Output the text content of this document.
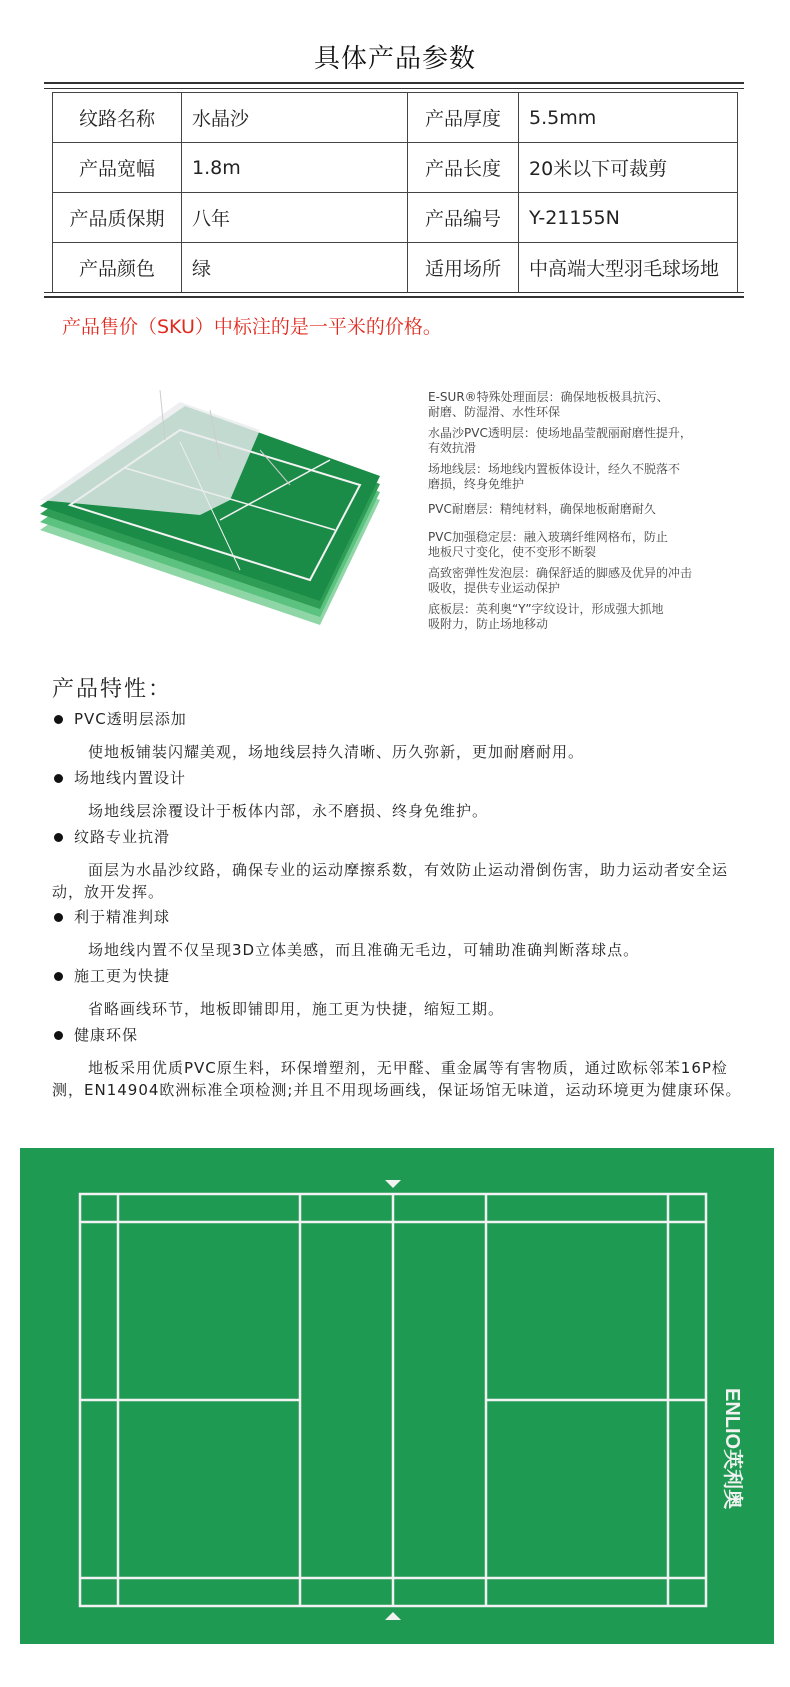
具体产品参数
纹路名称	水晶沙	产品厚度	5.5mm
产品宽幅	1.8m	产品长度	20米以下可裁剪
产品质保期	八年	产品编号	Y-21155N
产品颜色	绿	适用场所	中高端大型羽毛球场地
产品售价（SKU）中标注的是一平米的价格。
E-SUR®特殊处理面层：确保地板极具抗污、
耐磨、防湿滑、水性环保
水晶沙PVC透明层：使场地晶莹靓丽耐磨性提升，
有效抗滑
场地线层：场地线内置板体设计，经久不脱落不
磨损，终身免维护
PVC耐磨层：精纯材料，确保地板耐磨耐久
PVC加强稳定层：融入玻璃纤维网格布，防止
地板尺寸变化，使不变形不断裂
高致密弹性发泡层：确保舒适的脚感及优异的冲击
吸收，提供专业运动保护
底板层：英利奥“Y”字纹设计，形成强大抓地
吸附力，防止场地移动
产品特性：
PVC透明层添加
使地板铺装闪耀美观，场地线层持久清晰、历久弥新，更加耐磨耐用。
场地线内置设计
场地线层涂覆设计于板体内部，永不磨损、终身免维护。
纹路专业抗滑
面层为水晶沙纹路，确保专业的运动摩擦系数，有效防止运动滑倒伤害，助力运动者安全运动，放开发挥。
利于精准判球
场地线内置不仅呈现3D立体美感，而且准确无毛边，可辅助准确判断落球点。
施工更为快捷
省略画线环节，地板即铺即用，施工更为快捷，缩短工期。
健康环保
地板采用优质PVC原生料，环保增塑剂，无甲醛、重金属等有害物质，通过欧标邻苯16P检测，EN14904欧洲标准全项检测;并且不用现场画线，保证场馆无味道，运动环境更为健康环保。
ENLIO英利奥
